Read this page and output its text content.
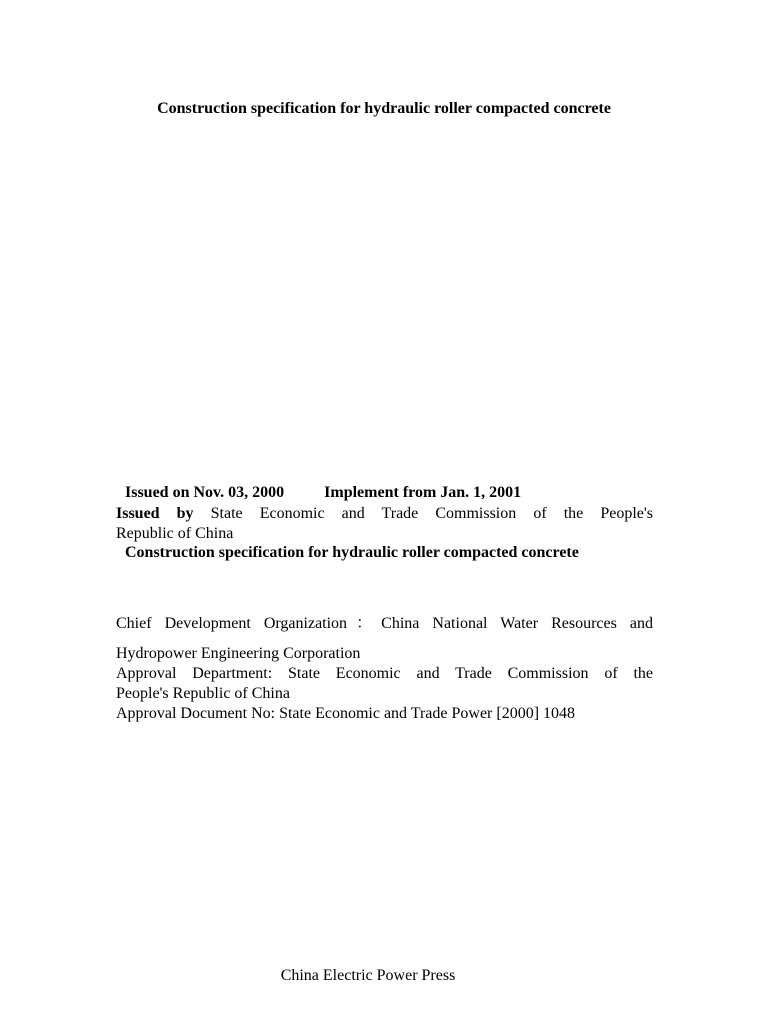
Construction specification for hydraulic roller compacted concrete
Issued on Nov. 03, 2000	Implement from Jan. 1, 2001
Issued by State Economic and Trade Commission of the People's
Republic of China
Construction specification for hydraulic roller compacted concrete
Chief Development Organization：China National Water Resources and
Hydropower Engineering Corporation
Approval Department: State Economic and Trade Commission of the
People's Republic of China
Approval Document No: State Economic and Trade Power [2000] 1048
China Electric Power Press
